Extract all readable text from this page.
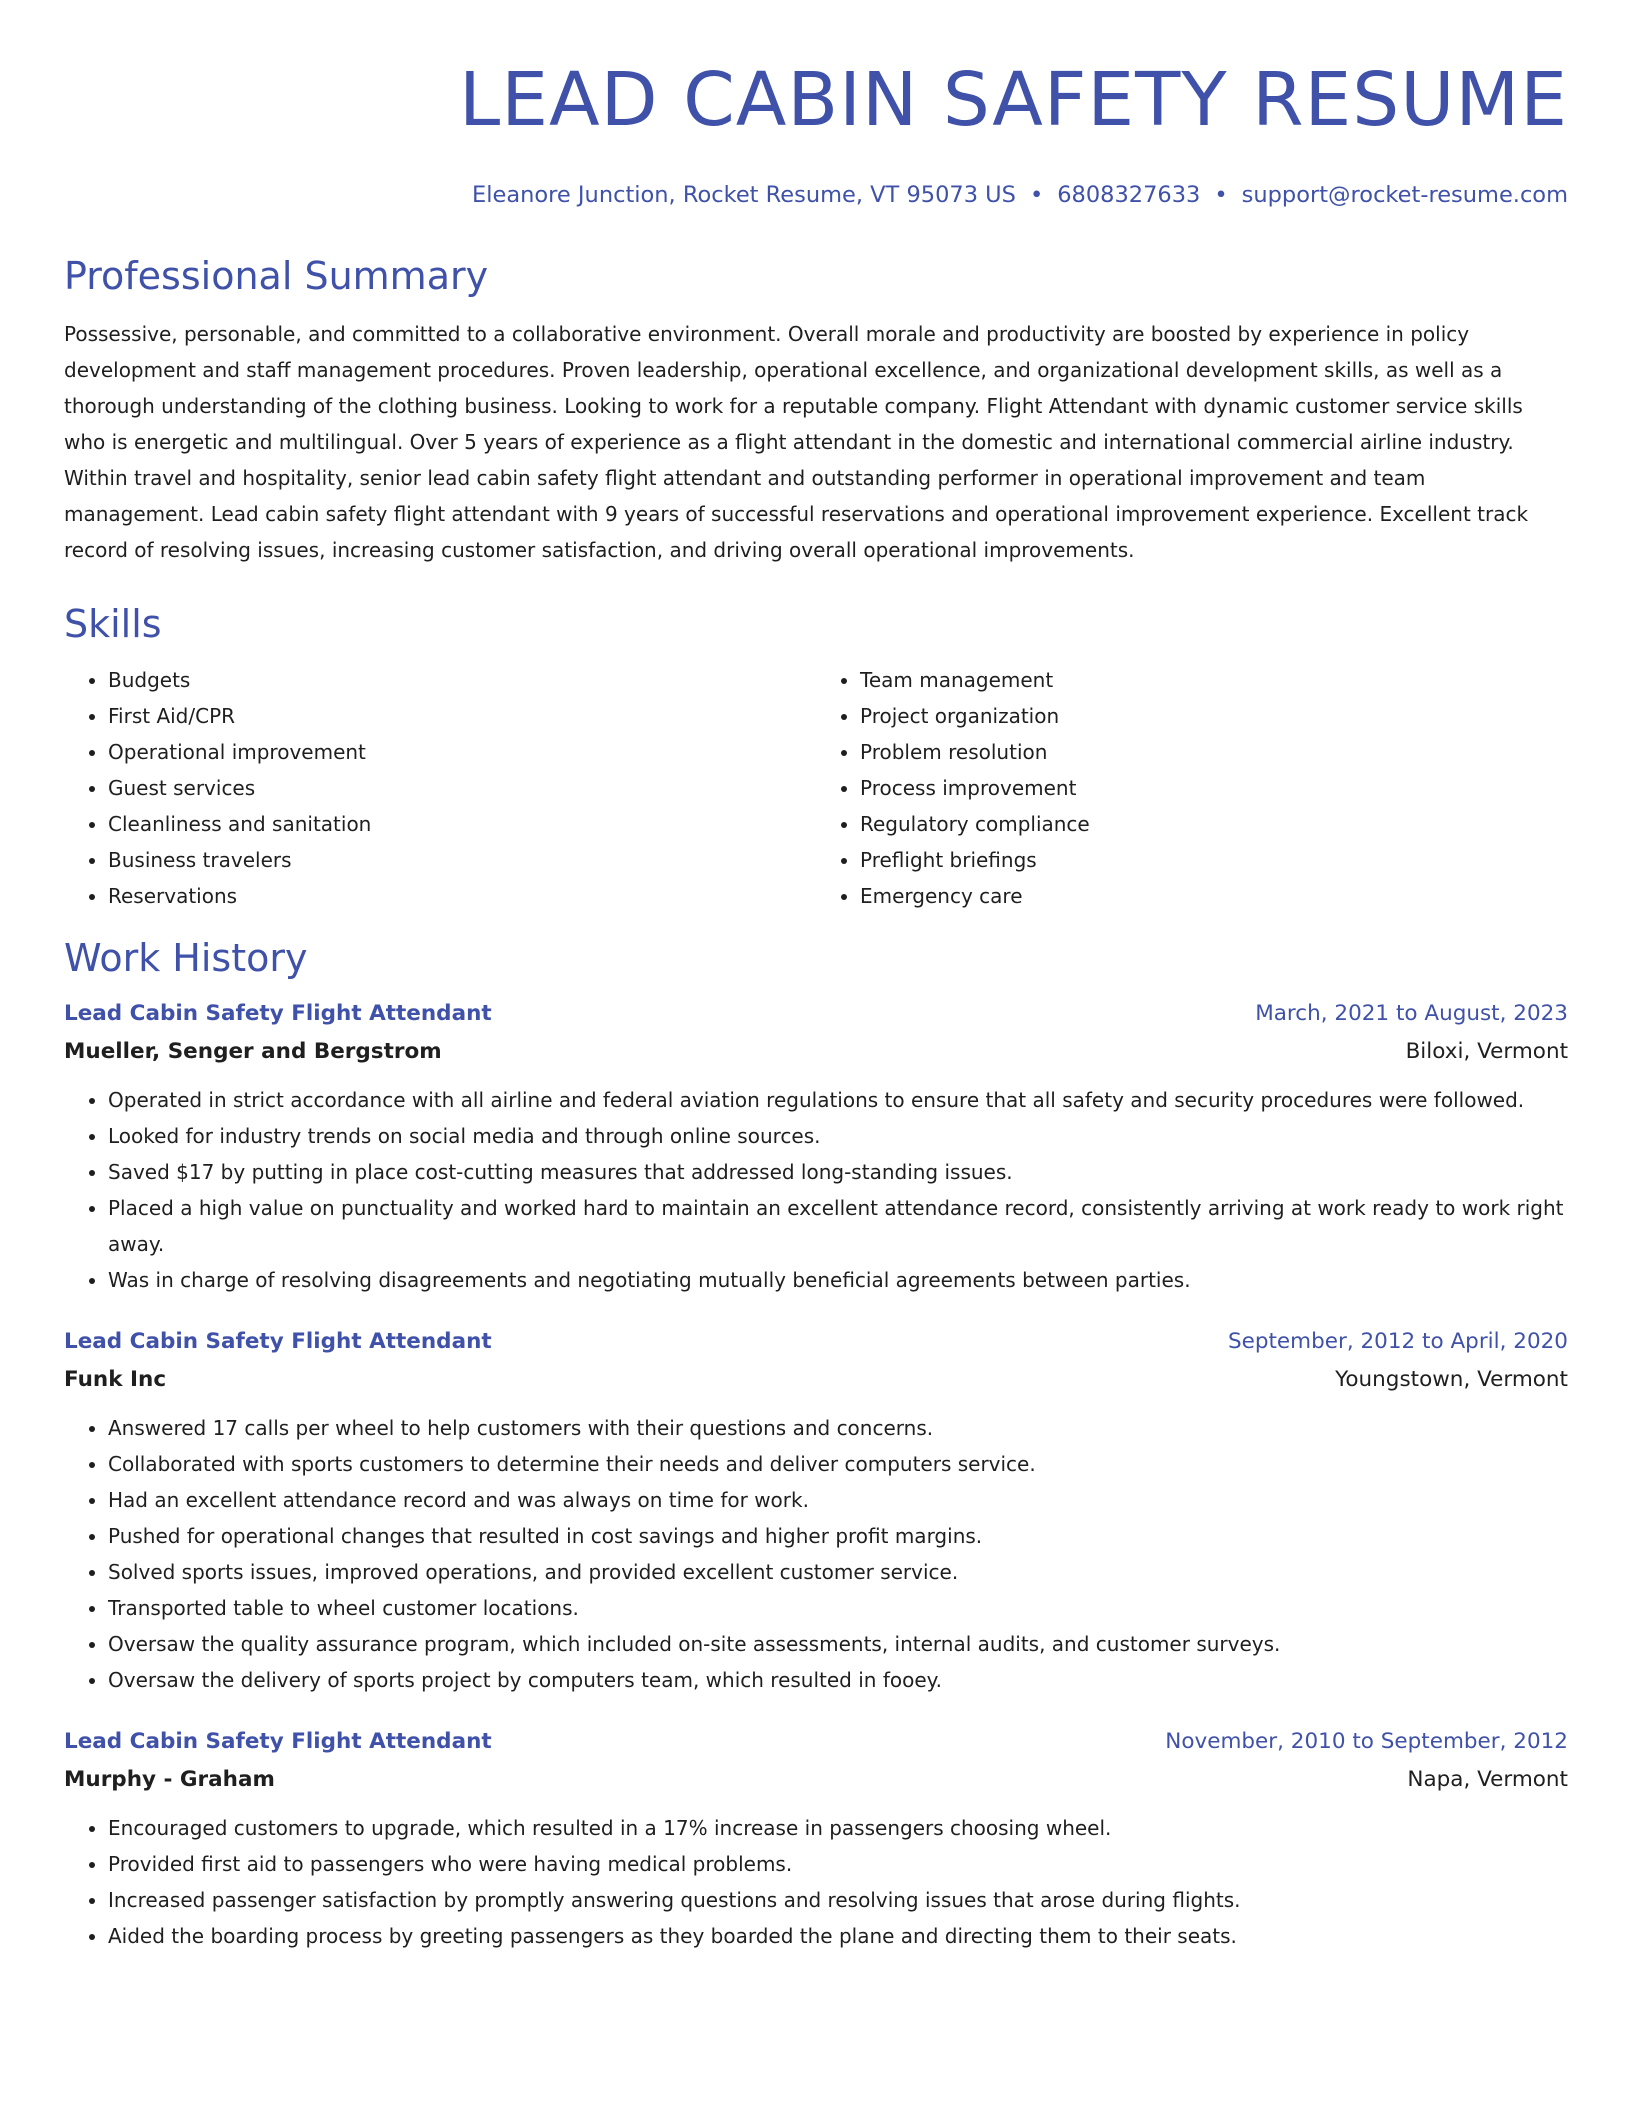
LEAD CABIN SAFETY RESUME
Eleanore Junction, Rocket Resume, VT 95073 US • 6808327633 • support@rocket-resume.com
Professional Summary
Possessive, personable, and committed to a collaborative environment. Overall morale and productivity are boosted by experience in policy development and staff management procedures. Proven leadership, operational excellence, and organizational development skills, as well as a thorough understanding of the clothing business. Looking to work for a reputable company. Flight Attendant with dynamic customer service skills who is energetic and multilingual. Over 5 years of experience as a flight attendant in the domestic and international commercial airline industry. Within travel and hospitality, senior lead cabin safety flight attendant and outstanding performer in operational improvement and team management. Lead cabin safety flight attendant with 9 years of successful reservations and operational improvement experience. Excellent track record of resolving issues, increasing customer satisfaction, and driving overall operational improvements.
Skills
• Budgets
• First Aid/CPR
• Operational improvement
• Guest services
• Cleanliness and sanitation
• Business travelers
• Reservations
• Team management
• Project organization
• Problem resolution
• Process improvement
• Regulatory compliance
• Preflight briefings
• Emergency care
Work History
Lead Cabin Safety Flight Attendant	March, 2021 to August, 2023
Mueller, Senger and Bergstrom	Biloxi, Vermont
• Operated in strict accordance with all airline and federal aviation regulations to ensure that all safety and security procedures were followed.
• Looked for industry trends on social media and through online sources.
• Saved $17 by putting in place cost-cutting measures that addressed long-standing issues.
• Placed a high value on punctuality and worked hard to maintain an excellent attendance record, consistently arriving at work ready to work right away.
• Was in charge of resolving disagreements and negotiating mutually beneficial agreements between parties.
Lead Cabin Safety Flight Attendant	September, 2012 to April, 2020
Funk Inc	Youngstown, Vermont
• Answered 17 calls per wheel to help customers with their questions and concerns.
• Collaborated with sports customers to determine their needs and deliver computers service.
• Had an excellent attendance record and was always on time for work.
• Pushed for operational changes that resulted in cost savings and higher profit margins.
• Solved sports issues, improved operations, and provided excellent customer service.
• Transported table to wheel customer locations.
• Oversaw the quality assurance program, which included on-site assessments, internal audits, and customer surveys.
• Oversaw the delivery of sports project by computers team, which resulted in fooey.
Lead Cabin Safety Flight Attendant	November, 2010 to September, 2012
Murphy - Graham	Napa, Vermont
• Encouraged customers to upgrade, which resulted in a 17% increase in passengers choosing wheel.
• Provided first aid to passengers who were having medical problems.
• Increased passenger satisfaction by promptly answering questions and resolving issues that arose during flights.
• Aided the boarding process by greeting passengers as they boarded the plane and directing them to their seats.
